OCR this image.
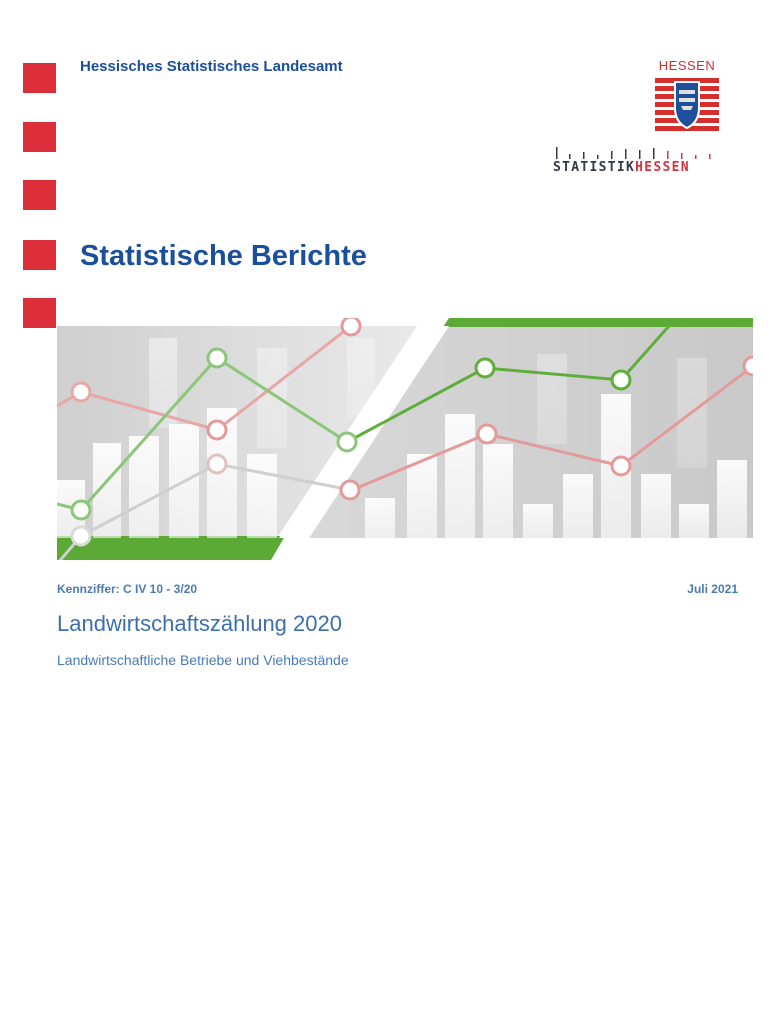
Hessisches Statistisches Landesamt	HESSEN
STATISTIKHESSEN
Statistische Berichte
Kennziffer: C IV 10 - 3/20	Juli 2021
Landwirtschaftszählung 2020
Landwirtschaftliche Betriebe und Viehbestände
